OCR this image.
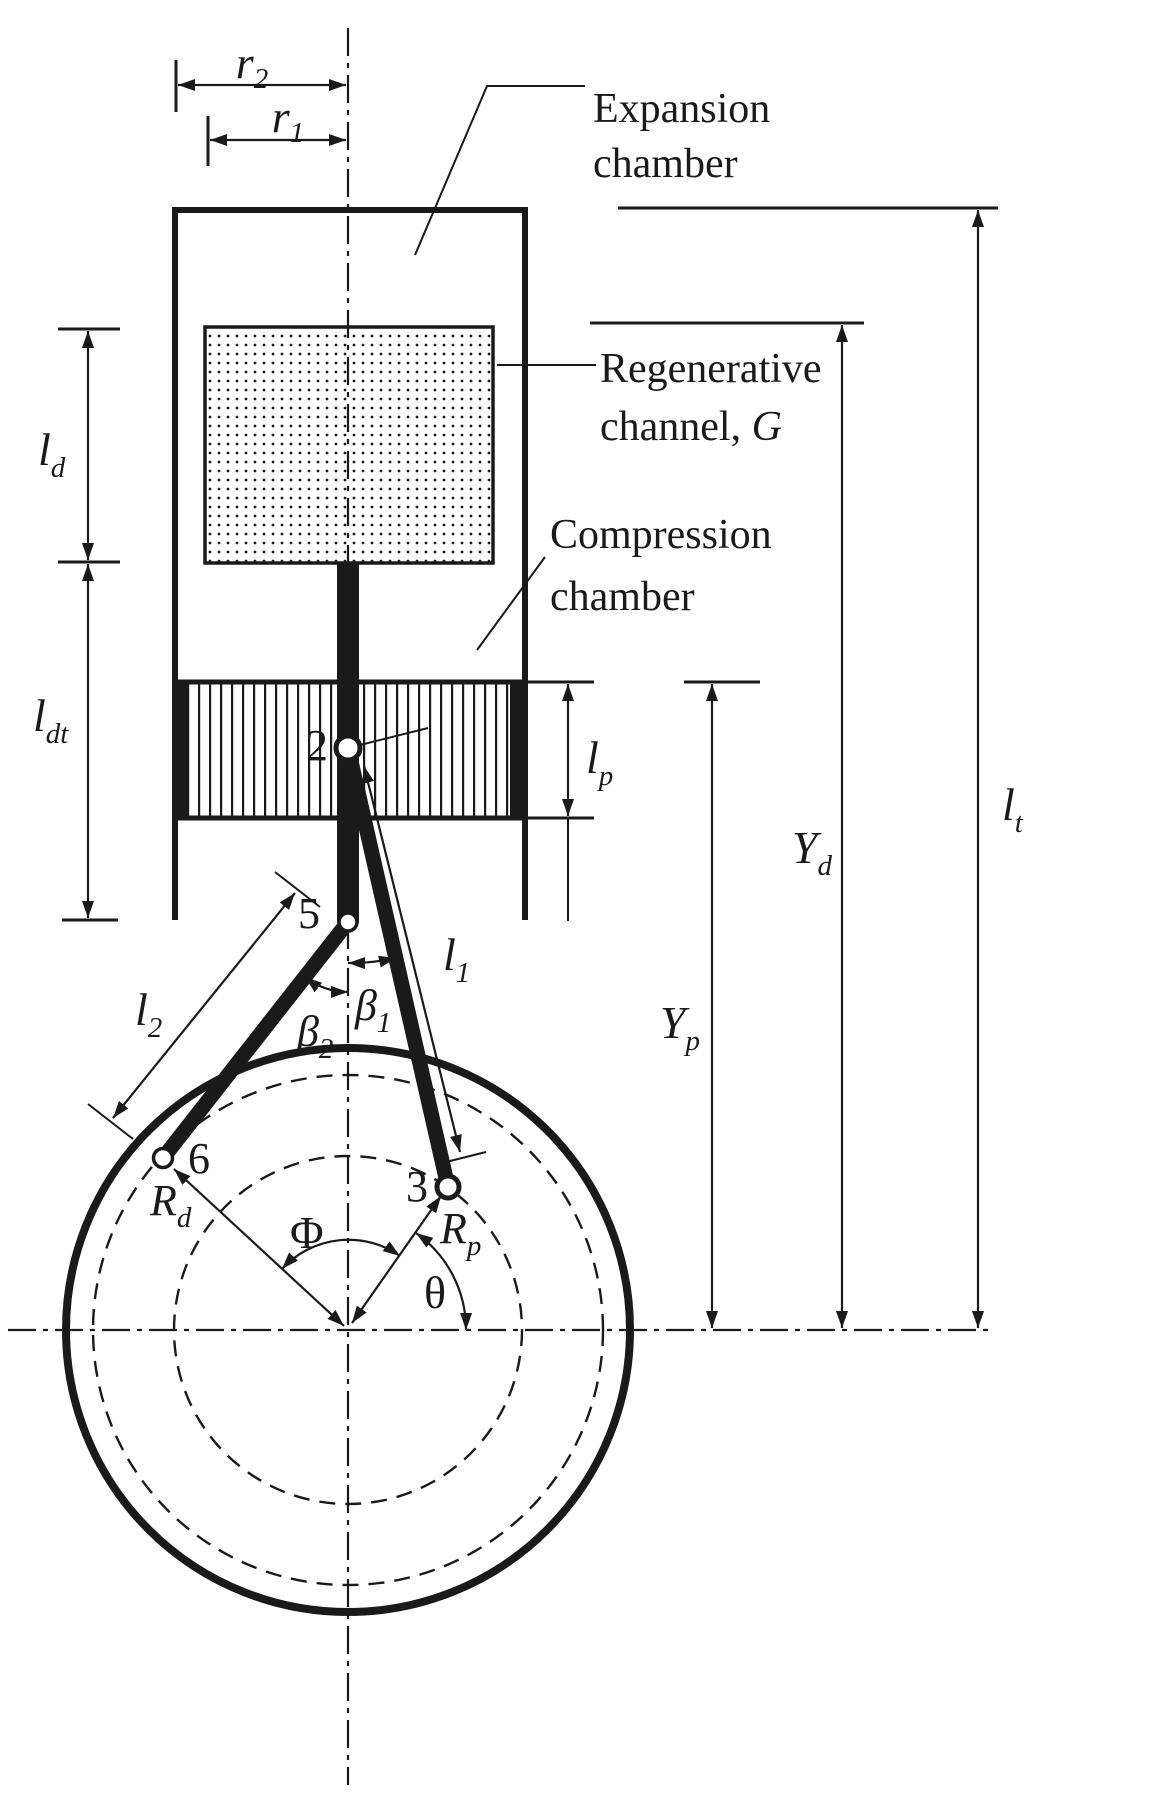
Expansion
chamber
Regenerative
channel, G
Compression
chamber
$r_2$
$r_1$
$l_d$
$l_{dt}$	$l_p$
$l_t$
$l_1$
$l_2$	$Y_p$
$Y_d$
$R_d$	$R_p$
$\beta_1$
$\beta_2$
Φ
θ
2
5
3
6
